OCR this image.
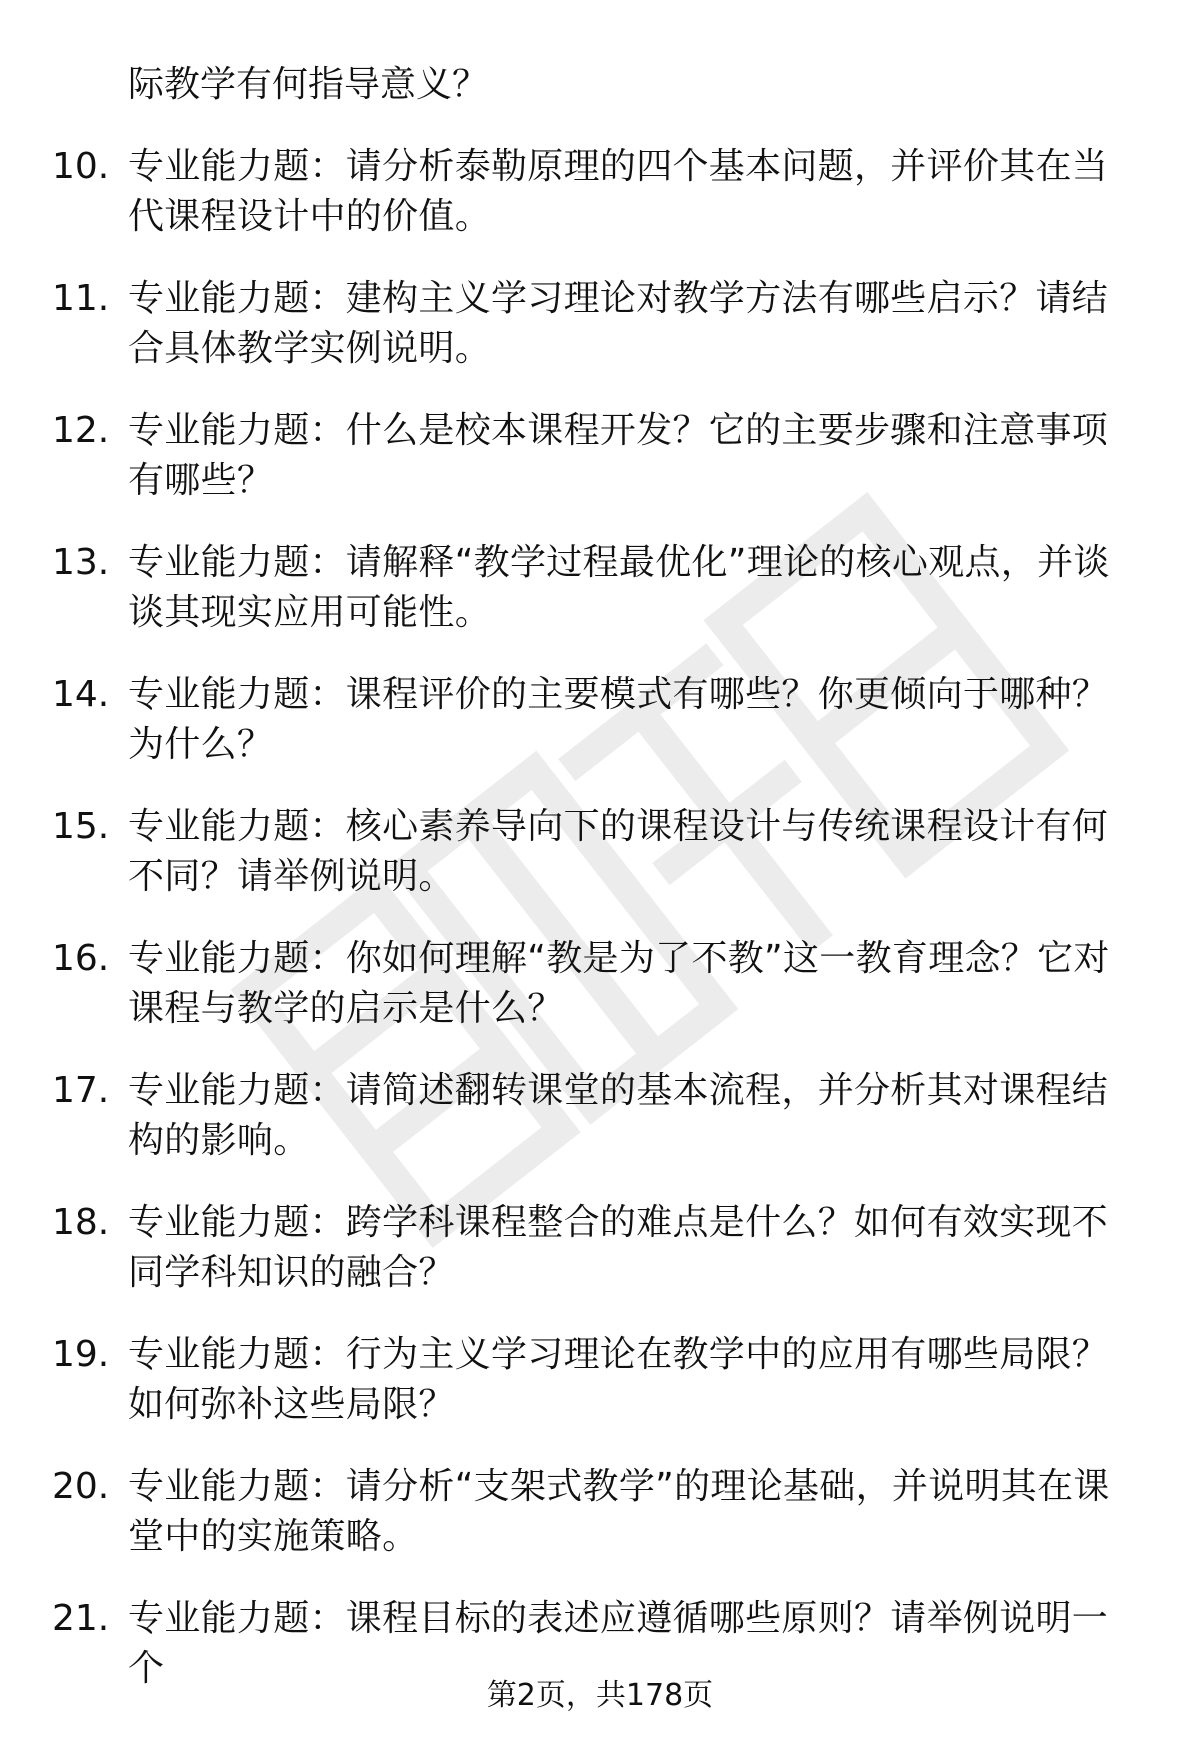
际教学有何指导意义？
10. 专业能力题：请分析泰勒原理的四个基本问题，并评价其在当代课程设计中的价值。
11. 专业能力题：建构主义学习理论对教学方法有哪些启示？请结合具体教学实例说明。
12. 专业能力题：什么是校本课程开发？它的主要步骤和注意事项有哪些？
13. 专业能力题：请解释“教学过程最优化”理论的核心观点，并谈谈其现实应用可能性。
14. 专业能力题：课程评价的主要模式有哪些？你更倾向于哪种？为什么？
15. 专业能力题：核心素养导向下的课程设计与传统课程设计有何不同？请举例说明。
16. 专业能力题：你如何理解“教是为了不教”这一教育理念？它对课程与教学的启示是什么？
17. 专业能力题：请简述翻转课堂的基本流程，并分析其对课程结构的影响。
18. 专业能力题：跨学科课程整合的难点是什么？如何有效实现不同学科知识的融合？
19. 专业能力题：行为主义学习理论在教学中的应用有哪些局限？如何弥补这些局限？
20. 专业能力题：请分析“支架式教学”的理论基础，并说明其在课堂中的实施策略。
21. 专业能力题：课程目标的表述应遵循哪些原则？请举例说明一个
第2页，共178页
